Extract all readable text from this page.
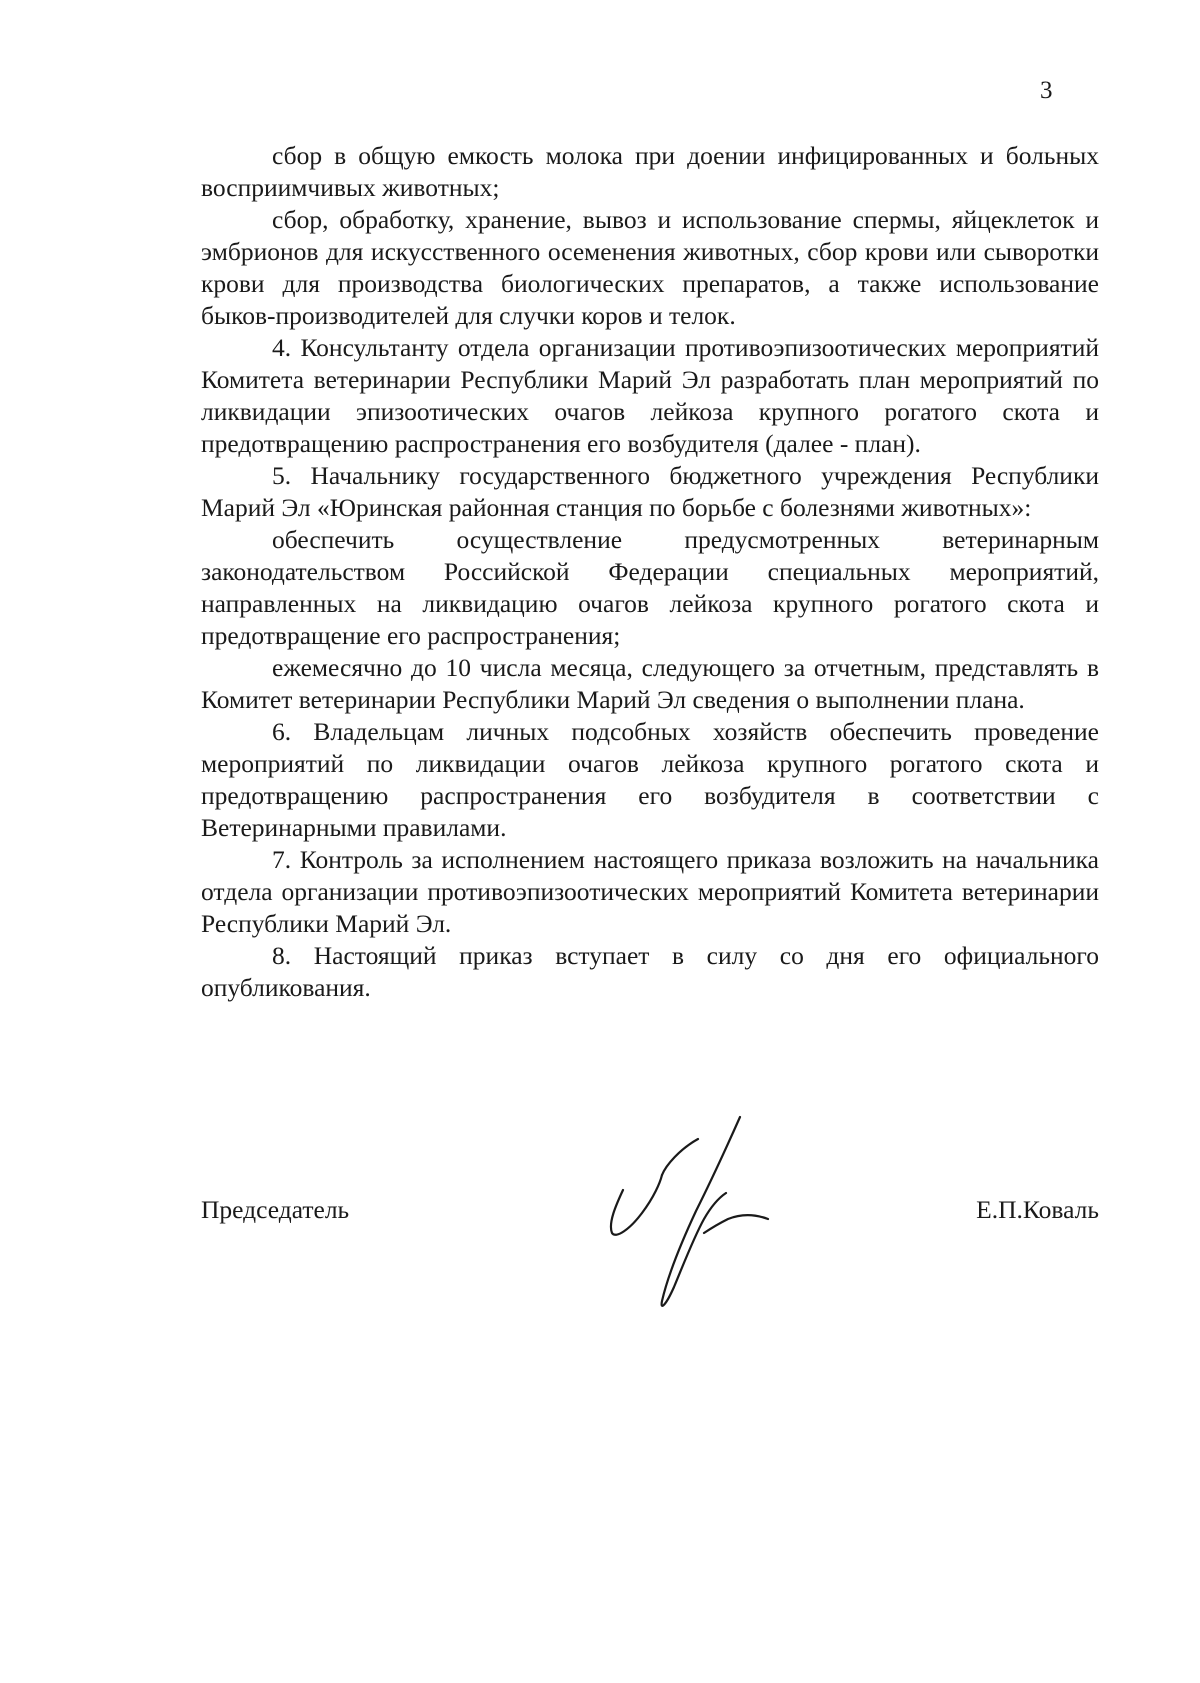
3

сбор в общую емкость молока при доении инфицированных и больных восприимчивых животных;

сбор, обработку, хранение, вывоз и использование спермы, яйцеклеток и эмбрионов для искусственного осеменения животных, сбор крови или сыворотки крови для производства биологических препаратов, а также использование быков-производителей для случки коров и телок.

4. Консультанту отдела организации противоэпизоотических мероприятий Комитета ветеринарии Республики Марий Эл разработать план мероприятий по ликвидации эпизоотических очагов лейкоза крупного рогатого скота и предотвращению распространения его возбудителя (далее - план).

5. Начальнику государственного бюджетного учреждения Республики Марий Эл «Юринская районная станция по борьбе с болезнями животных»:

обеспечить осуществление предусмотренных ветеринарным законодательством Российской Федерации специальных мероприятий, направленных на ликвидацию очагов лейкоза крупного рогатого скота и предотвращение его распространения;

ежемесячно до 10 числа месяца, следующего за отчетным, представлять в Комитет ветеринарии Республики Марий Эл сведения о выполнении плана.

6. Владельцам личных подсобных хозяйств обеспечить проведение мероприятий по ликвидации очагов лейкоза крупного рогатого скота и предотвращению распространения его возбудителя в соответствии с Ветеринарными правилами.

7. Контроль за исполнением настоящего приказа возложить на начальника отдела организации противоэпизоотических мероприятий Комитета ветеринарии Республики Марий Эл.

8. Настоящий приказ вступает в силу со дня его официального опубликования.

Председатель	Е.П.Коваль
